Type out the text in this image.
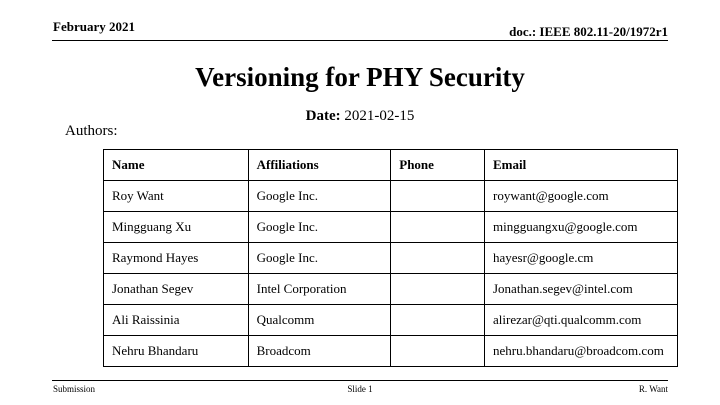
February 2021	doc.: IEEE 802.11-20/1972r1
Versioning for PHY Security
Date: 2021-02-15
Authors:
Name	Affiliations	Phone	Email
Roy Want	Google Inc.		roywant@google.com
Mingguang Xu	Google Inc.		mingguangxu@google.com
Raymond Hayes	Google Inc.		hayesr@google.cm
Jonathan Segev	Intel Corporation		Jonathan.segev@intel.com
Ali Raissinia	Qualcomm		alirezar@qti.qualcomm.com
Nehru Bhandaru	Broadcom		nehru.bhandaru@broadcom.com
Submission	Slide 1	R. Want
